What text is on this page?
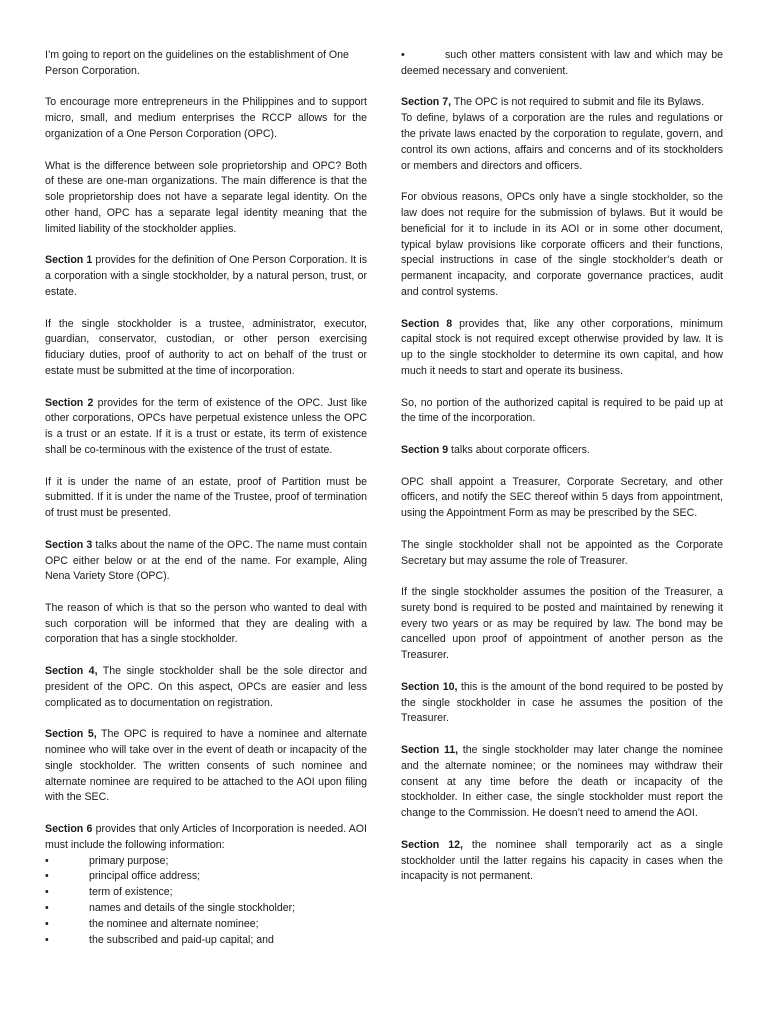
I’m going to report on the guidelines on the establishment of One Person Corporation.

To encourage more entrepreneurs in the Philippines and to support micro, small, and medium enterprises the RCCP allows for the organization of a One Person Corporation (OPC).

What is the difference between sole proprietorship and OPC? Both of these are one-man organizations. The main difference is that the sole proprietorship does not have a separate legal identity. On the other hand, OPC has a separate legal identity meaning that the limited liability of the stockholder applies.

Section 1 provides for the definition of One Person Corporation. It is a corporation with a single stockholder, by a natural person, trust, or estate.

If the single stockholder is a trustee, administrator, executor, guardian, conservator, custodian, or other person exercising fiduciary duties, proof of authority to act on behalf of the trust or estate must be submitted at the time of incorporation.

Section 2 provides for the term of existence of the OPC. Just like other corporations, OPCs have perpetual existence unless the OPC is a trust or an estate. If it is a trust or estate, its term of existence shall be co-terminous with the existence of the trust of estate.

If it is under the name of an estate, proof of Partition must be submitted. If it is under the name of the Trustee, proof of termination of trust must be presented.

Section 3 talks about the name of the OPC. The name must contain OPC either below or at the end of the name. For example, Aling Nena Variety Store (OPC).

The reason of which is that so the person who wanted to deal with such corporation will be informed that they are dealing with a corporation that has a single stockholder.

Section 4, The single stockholder shall be the sole director and president of the OPC. On this aspect, OPCs are easier and less complicated as to documentation on registration.

Section 5, The OPC is required to have a nominee and alternate nominee who will take over in the event of death or incapacity of the single stockholder. The written consents of such nominee and alternate nominee are required to be attached to the AOI upon filing with the SEC.

Section 6 provides that only Articles of Incorporation is needed. AOI must include the following information:

•	primary purpose;
•	principal office address;
•	term of existence;
•	names and details of the single stockholder;
•	the nominee and alternate nominee;
•	the subscribed and paid-up capital; and

•	such other matters consistent with law and which may be deemed necessary and convenient.

Section 7, The OPC is not required to submit and file its Bylaws.

To define, bylaws of a corporation are the rules and regulations or the private laws enacted by the corporation to regulate, govern, and control its own actions, affairs and concerns and of its stockholders or members and directors and officers.

For obvious reasons, OPCs only have a single stockholder, so the law does not require for the submission of bylaws. But it would be beneficial for it to include in its AOI or in some other document, typical bylaw provisions like corporate officers and their functions, special instructions in case of the single stockholder’s death or permanent incapacity, and corporate governance practices, audit and control systems.

Section 8 provides that, like any other corporations, minimum capital stock is not required except otherwise provided by law. It is up to the single stockholder to determine its own capital, and how much it needs to start and operate its business.

So, no portion of the authorized capital is required to be paid up at the time of the incorporation.

Section 9 talks about corporate officers.

OPC shall appoint a Treasurer, Corporate Secretary, and other officers, and notify the SEC thereof within 5 days from appointment, using the Appointment Form as may be prescribed by the SEC.

The single stockholder shall not be appointed as the Corporate Secretary but may assume the role of Treasurer.

If the single stockholder assumes the position of the Treasurer, a surety bond is required to be posted and maintained by renewing it every two years or as may be required by law. The bond may be cancelled upon proof of appointment of another person as the Treasurer.

Section 10, this is the amount of the bond required to be posted by the single stockholder in case he assumes the position of the Treasurer.

Section 11, the single stockholder may later change the nominee and the alternate nominee; or the nominees may withdraw their consent at any time before the death or incapacity of the stockholder. In either case, the single stockholder must report the change to the Commission. He doesn’t need to amend the AOI.

Section 12, the nominee shall temporarily act as a single stockholder until the latter regains his capacity in cases when the incapacity is not permanent.
